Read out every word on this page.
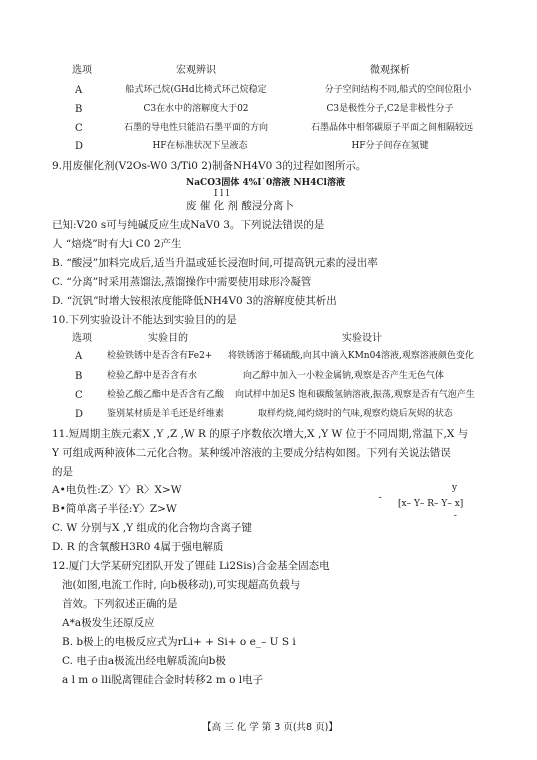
选项	宏观辨识	微观探析
A	船式环己烷(GHd比椅式环己烷稳定	分子空间结构不同,船式的空间位阻小
B	C3在水中的溶解度大于02	C3是极性分子,C2是非极性分子
C	石墨的导电性只能沿石墨平面的方向	石墨晶体中相邻碳原子平面之间相隔较远
D	HF在标准状况下呈液态	HF分子间存在氢键
9.用废催化剂(V2Os-W0 3/Ti0 2)制备NH4V0 3的过程如图所示。
NaCO3固体 4%Ⅰ˙0溶液 NH4Cl溶液
I l l
废 催 化 剂 酸浸分离卜
已知:V20 s可与纯碱反应生成NaV0 3。下列说法错误的是
人 “焙烧”时有大i C0 2产生
B. “酸浸”加料完成后,适当升温或延长浸泡时间,可提高钒元素的浸出率
C. “分离”时采用蒸馏法,蒸馏操作中需要使用球形冷凝管
D. “沉钒”时增大铵根浓度能降低NH4V0 3的溶解度使其析出
10.下列实验设计不能达到实验目的的是
选项	实验目的	实验设计
A	检验铁锈中是否含有Fe2+ 将铁锈溶于稀硫酸,向其中滴入KMn04溶液,观察溶液颜色变化
B	检验乙醇中是否含有水	向乙醇中加入一小粒金属钠,观察是否产生无色气体
C	检验乙酸乙酯中是否含有乙酸 向试样中加足S 饱和碳酸氢钠溶液,振荡,观察是否有气泡产生
D	鉴别某材质是羊毛还是纤维素	取样灼烧,闻灼烧时的气味,观察灼烧后灰烬的状态
11.短周期主族元素X ,Y ,Z ,W R 的原子序数依次增大,X ,Y W 位于不同周期,常温下,X 与
Y 可组成两种液体二元化合物。某种缓冲溶液的主要成分结构如图。下列有关说法错误
的是
A•电负性:Z〉Y〉R〉X>W
B•简单离子半径:Y〉Z>W
C. W 分别与X ,Y 组成的化合物均含离子键
D. R 的含氧酸H3R0 4属于强电解质
y
ˉ [x– Y– R– Y– x]
ˉ
12.厦门大学某研究团队开发了锂硅 Li2Sis)合金基全固态电
池(如图,电流工作时, 向b极移动),可实现超高负载与
首效。下列叙述正确的是
A*a极发生还原反应
B. b极上的电极反应式为rLi+ + Si+ o e_– U S i
C. 电子由a极流出经电解质流向b极
a l m o lli脱离锂硅合金时转移2 m o l电子
【高 三 化 学 第 3 页(共8 页)】
